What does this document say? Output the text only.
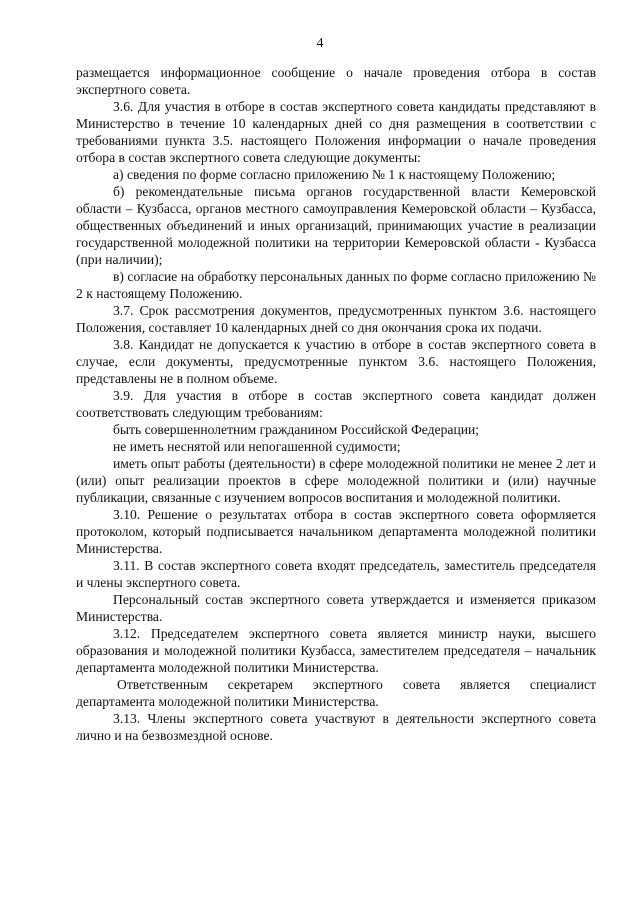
4

размещается информационное сообщение о начале проведения отбора в состав экспертного совета.

3.6. Для участия в отборе в состав экспертного совета кандидаты представляют в Министерство в течение 10 календарных дней со дня размещения в соответствии с требованиями пункта 3.5. настоящего Положения информации о начале проведения отбора в состав экспертного совета следующие документы:

а) сведения по форме согласно приложению № 1 к настоящему Положению;

б) рекомендательные письма органов государственной власти Кемеровской области – Кузбасса, органов местного самоуправления Кемеровской области – Кузбасса, общественных объединений и иных организаций, принимающих участие в реализации государственной молодежной политики на территории Кемеровской области - Кузбасса (при наличии);

в) согласие на обработку персональных данных по форме согласно приложению № 2 к настоящему Положению.

3.7. Срок рассмотрения документов, предусмотренных пунктом 3.6. настоящего Положения, составляет 10 календарных дней со дня окончания срока их подачи.

3.8. Кандидат не допускается к участию в отборе в состав экспертного совета в случае, если документы, предусмотренные пунктом 3.6. настоящего Положения, представлены не в полном объеме.

3.9. Для участия в отборе в состав экспертного совета кандидат должен соответствовать следующим требованиям:

быть совершеннолетним гражданином Российской Федерации;

не иметь неснятой или непогашенной судимости;

иметь опыт работы (деятельности) в сфере молодежной политики не менее 2 лет и (или) опыт реализации проектов в сфере молодежной политики и (или) научные публикации, связанные с изучением вопросов воспитания и молодежной политики.

3.10. Решение о результатах отбора в состав экспертного совета оформляется протоколом, который подписывается начальником департамента молодежной политики Министерства.

3.11. В состав экспертного совета входят председатель, заместитель председателя и члены экспертного совета.

Персональный состав экспертного совета утверждается и изменяется приказом Министерства.

3.12. Председателем экспертного совета является министр науки, высшего образования и молодежной политики Кузбасса, заместителем председателя – начальник департамента молодежной политики Министерства.

Ответственным секретарем экспертного совета является специалист департамента молодежной политики Министерства.

3.13. Члены экспертного совета участвуют в деятельности экспертного совета лично и на безвозмездной основе.
